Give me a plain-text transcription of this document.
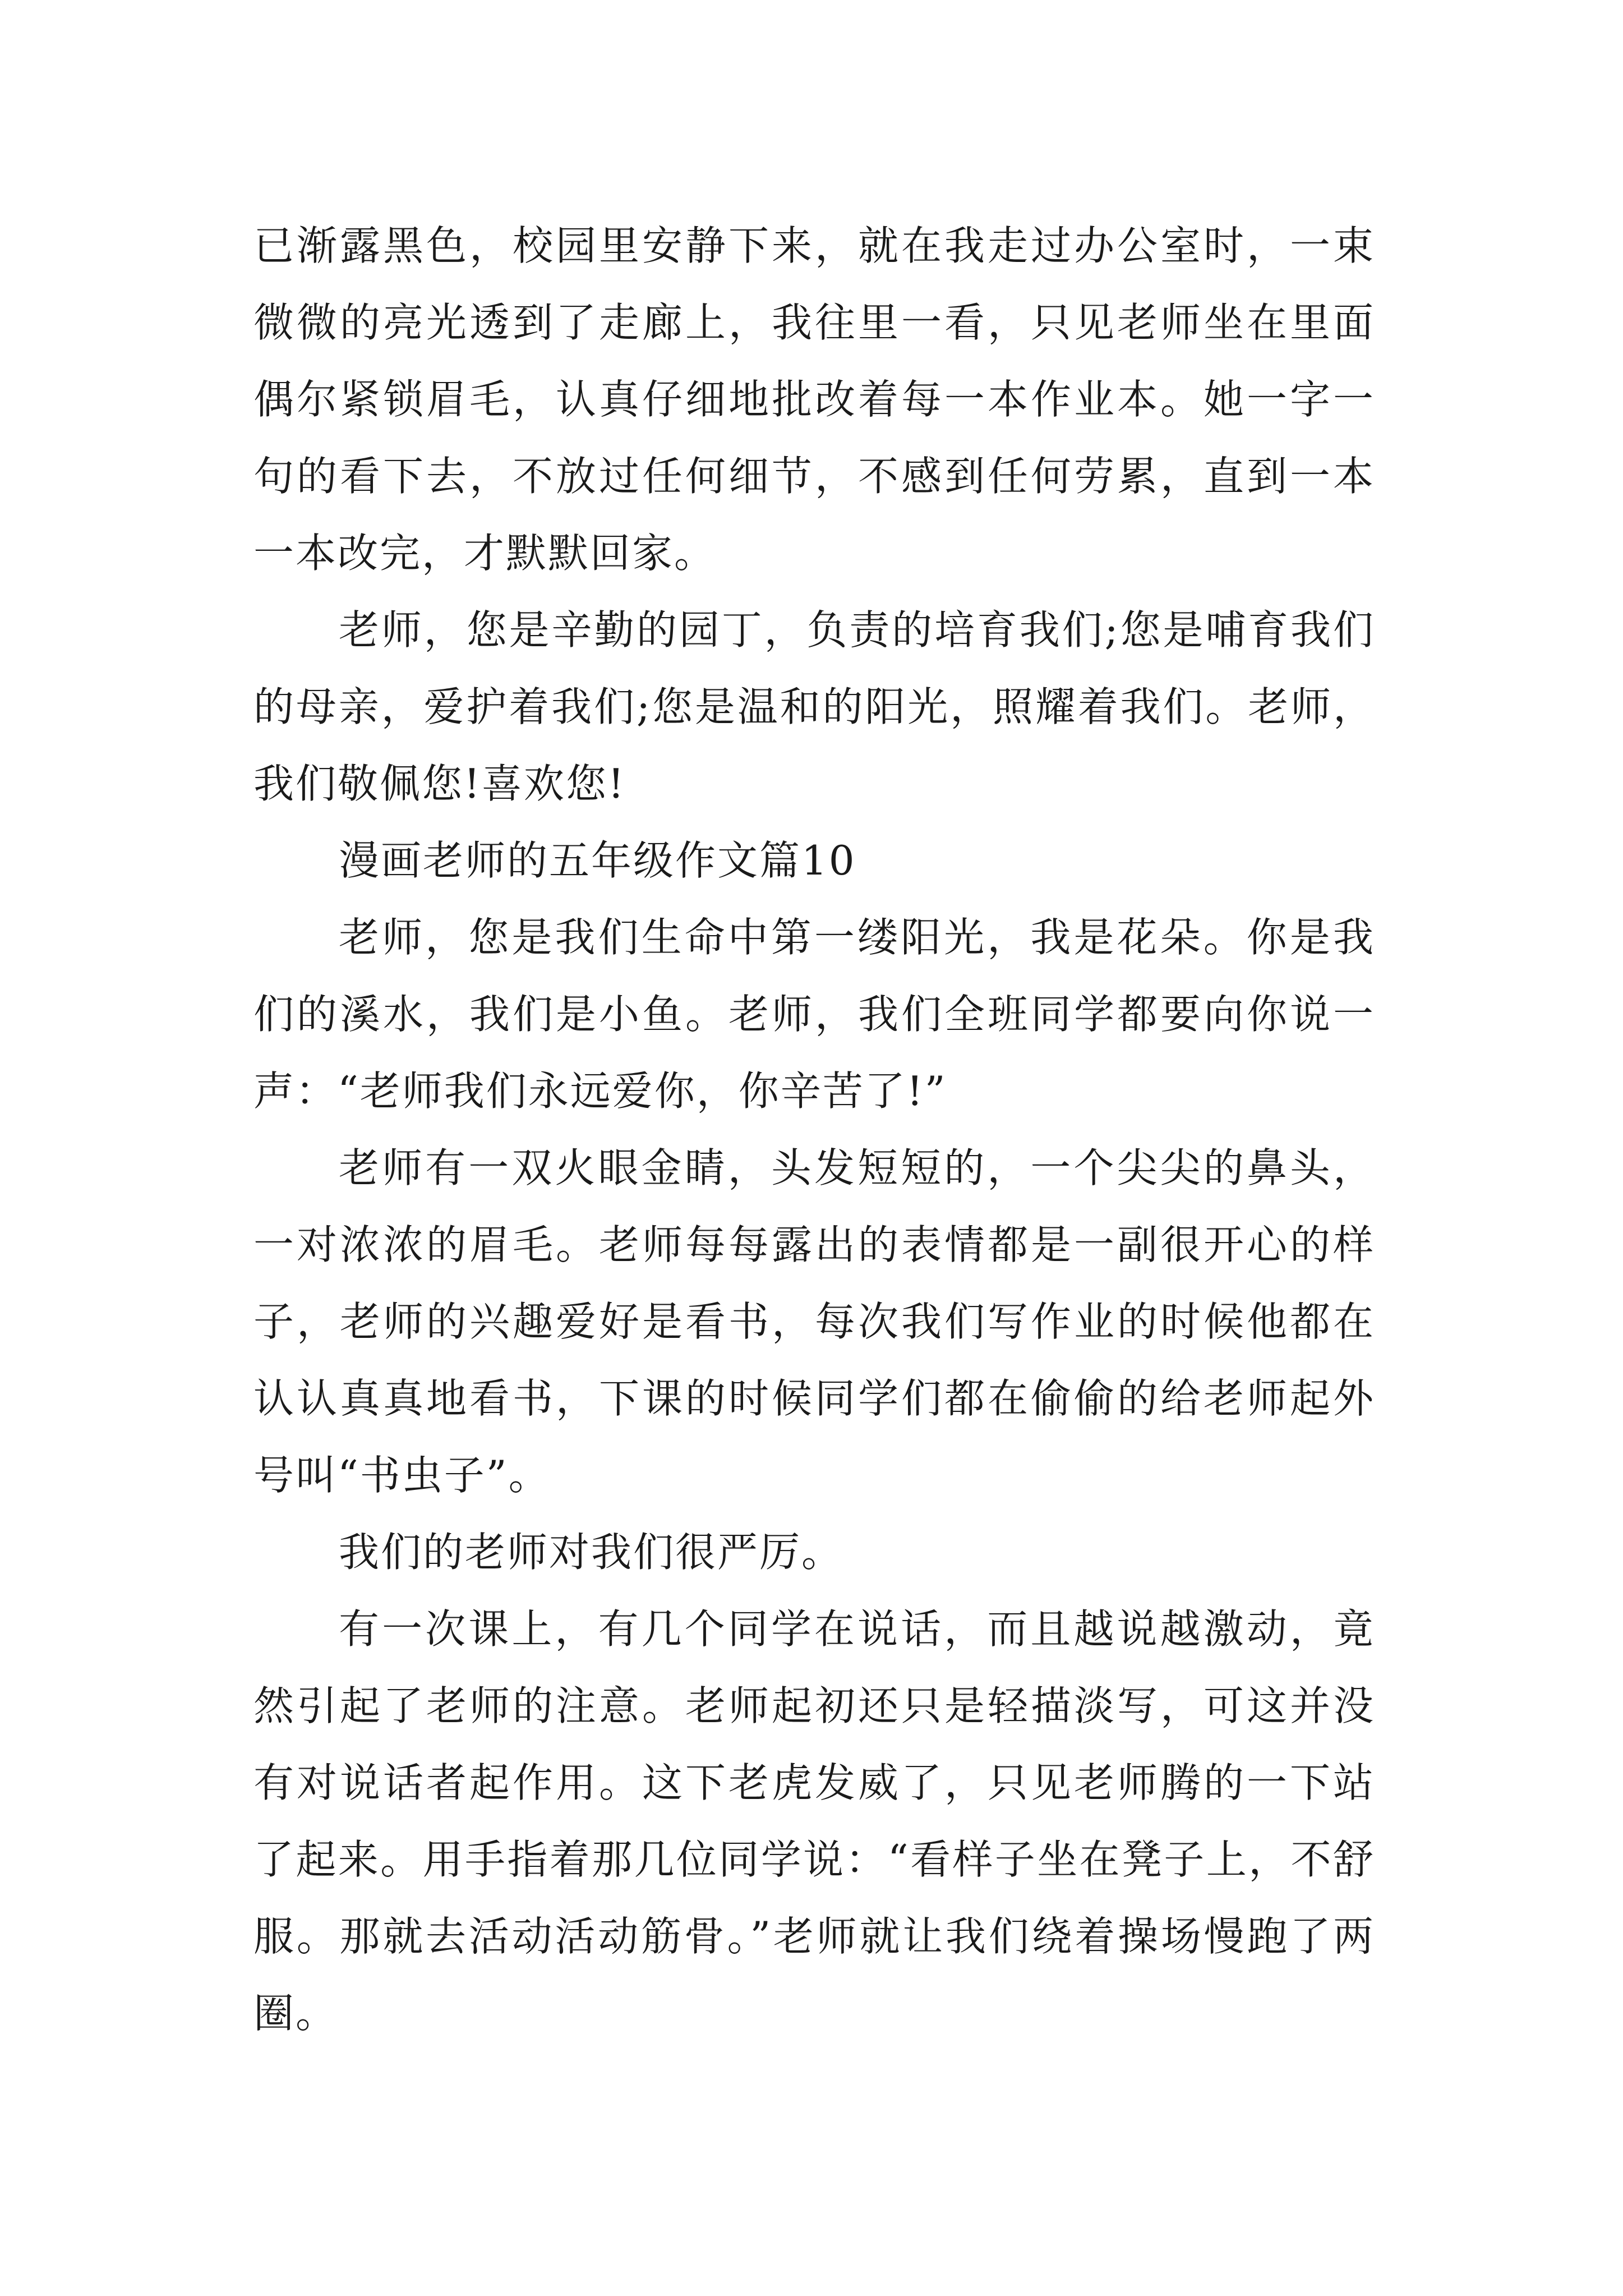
已渐露黑色，校园里安静下来，就在我走过办公室时，一束微微的亮光透到了走廊上，我往里一看，只见老师坐在里面偶尔紧锁眉毛，认真仔细地批改着每一本作业本。她一字一句的看下去，不放过任何细节，不感到任何劳累，直到一本一本改完，才默默回家。

老师，您是辛勤的园丁，负责的培育我们;您是哺育我们的母亲，爱护着我们;您是温和的阳光，照耀着我们。老师，我们敬佩您!喜欢您!

漫画老师的五年级作文篇10

老师，您是我们生命中第一缕阳光，我是花朵。你是我们的溪水，我们是小鱼。老师，我们全班同学都要向你说一声：“老师我们永远爱你，你辛苦了!”

老师有一双火眼金睛，头发短短的，一个尖尖的鼻头，一对浓浓的眉毛。老师每每露出的表情都是一副很开心的样子，老师的兴趣爱好是看书，每次我们写作业的时候他都在认认真真地看书，下课的时候同学们都在偷偷的给老师起外号叫“书虫子”。

我们的老师对我们很严厉。

有一次课上，有几个同学在说话，而且越说越激动，竟然引起了老师的注意。老师起初还只是轻描淡写，可这并没有对说话者起作用。这下老虎发威了，只见老师腾的一下站了起来。用手指着那几位同学说：“看样子坐在凳子上，不舒服。那就去活动活动筋骨。”老师就让我们绕着操场慢跑了两圈。
